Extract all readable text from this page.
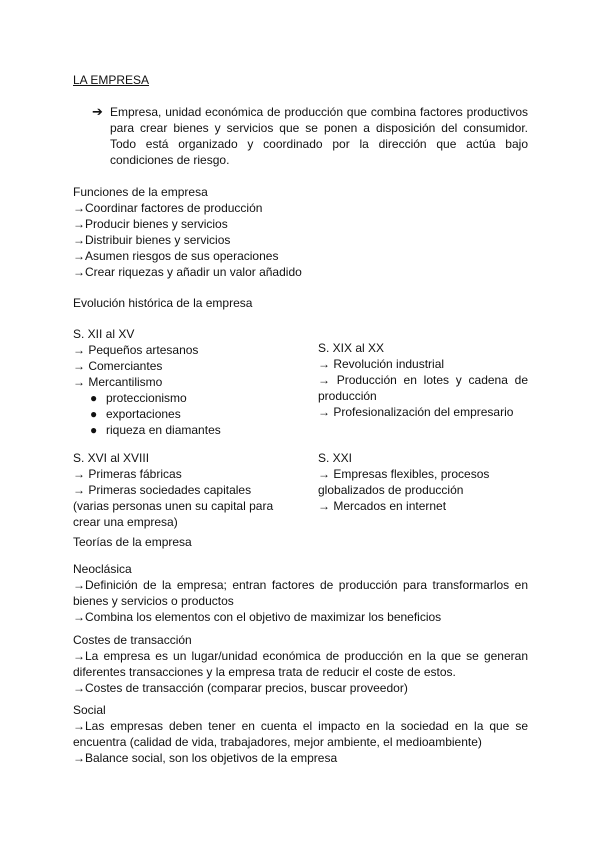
LA EMPRESA
➔ Empresa, unidad económica de producción que combina factores productivos para crear bienes y servicios que se ponen a disposición del consumidor. Todo está organizado y coordinado por la dirección que actúa bajo condiciones de riesgo.
Funciones de la empresa
→Coordinar factores de producción
→Producir bienes y servicios
→Distribuir bienes y servicios
→Asumen riesgos de sus operaciones
→Crear riquezas y añadir un valor añadido
Evolución histórica de la empresa
S. XII al XV
→ Pequeños artesanos
→ Comerciantes
→ Mercantilismo
● proteccionismo
● exportaciones
● riqueza en diamantes
S. XIX al XX
→ Revolución industrial
→ Producción en lotes y cadena de producción
→ Profesionalización del empresario
S. XVI al XVIII
→ Primeras fábricas
→ Primeras sociedades capitales
(varias personas unen su capital para crear una empresa)
S. XXI
→ Empresas flexibles, procesos globalizados de producción
→ Mercados en internet
Teorías de la empresa
Neoclásica
→Definición de la empresa; entran factores de producción para transformarlos en bienes y servicios o productos
→Combina los elementos con el objetivo de maximizar los beneficios
Costes de transacción
→La empresa es un lugar/unidad económica de producción en la que se generan diferentes transacciones y la empresa trata de reducir el coste de estos.
→Costes de transacción (comparar precios, buscar proveedor)
Social
→Las empresas deben tener en cuenta el impacto en la sociedad en la que se encuentra (calidad de vida, trabajadores, mejor ambiente, el medioambiente)
→Balance social, son los objetivos de la empresa
